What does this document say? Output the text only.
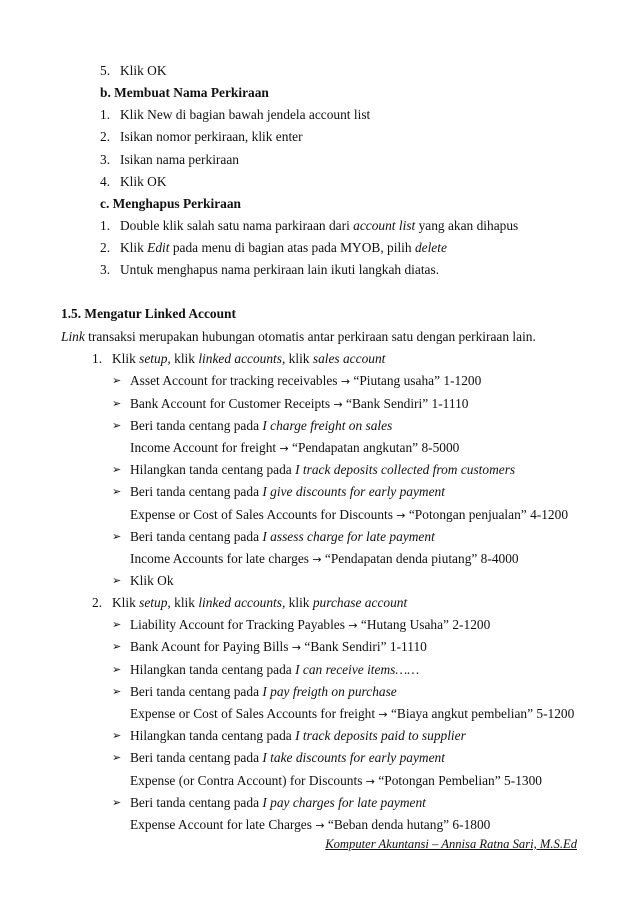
5. Klik OK
b. Membuat Nama Perkiraan
1. Klik New di bagian bawah jendela account list
2. Isikan nomor perkiraan, klik enter
3. Isikan nama perkiraan
4. Klik OK
c. Menghapus Perkiraan
1. Double klik salah satu nama parkiraan dari account list yang akan dihapus
2. Klik Edit pada menu di bagian atas pada MYOB, pilih delete
3. Untuk menghapus nama perkiraan lain ikuti langkah diatas.
1.5. Mengatur Linked Account
Link transaksi merupakan hubungan otomatis antar perkiraan satu dengan perkiraan lain.
1. Klik setup, klik linked accounts, klik sales account
➢ Asset Account for tracking receivables → “Piutang usaha” 1-1200
➢ Bank Account for Customer Receipts → “Bank Sendiri” 1-1110
➢ Beri tanda centang pada I charge freight on sales
Income Account for freight → “Pendapatan angkutan” 8-5000
➢ Hilangkan tanda centang pada I track deposits collected from customers
➢ Beri tanda centang pada I give discounts for early payment
Expense or Cost of Sales Accounts for Discounts → “Potongan penjualan” 4-1200
➢ Beri tanda centang pada I assess charge for late payment
Income Accounts for late charges → “Pendapatan denda piutang” 8-4000
➢ Klik Ok
2. Klik setup, klik linked accounts, klik purchase account
➢ Liability Account for Tracking Payables → “Hutang Usaha” 2-1200
➢ Bank Acount for Paying Bills → “Bank Sendiri” 1-1110
➢ Hilangkan tanda centang pada I can receive items……
➢ Beri tanda centang pada I pay freigth on purchase
Expense or Cost of Sales Accounts for freight → “Biaya angkut pembelian” 5-1200
➢ Hilangkan tanda centang pada I track deposits paid to supplier
➢ Beri tanda centang pada I take discounts for early payment
Expense (or Contra Account) for Discounts → “Potongan Pembelian” 5-1300
➢ Beri tanda centang pada I pay charges for late payment
Expense Account for late Charges → “Beban denda hutang” 6-1800
Komputer Akuntansi – Annisa Ratna Sari, M.S.Ed
